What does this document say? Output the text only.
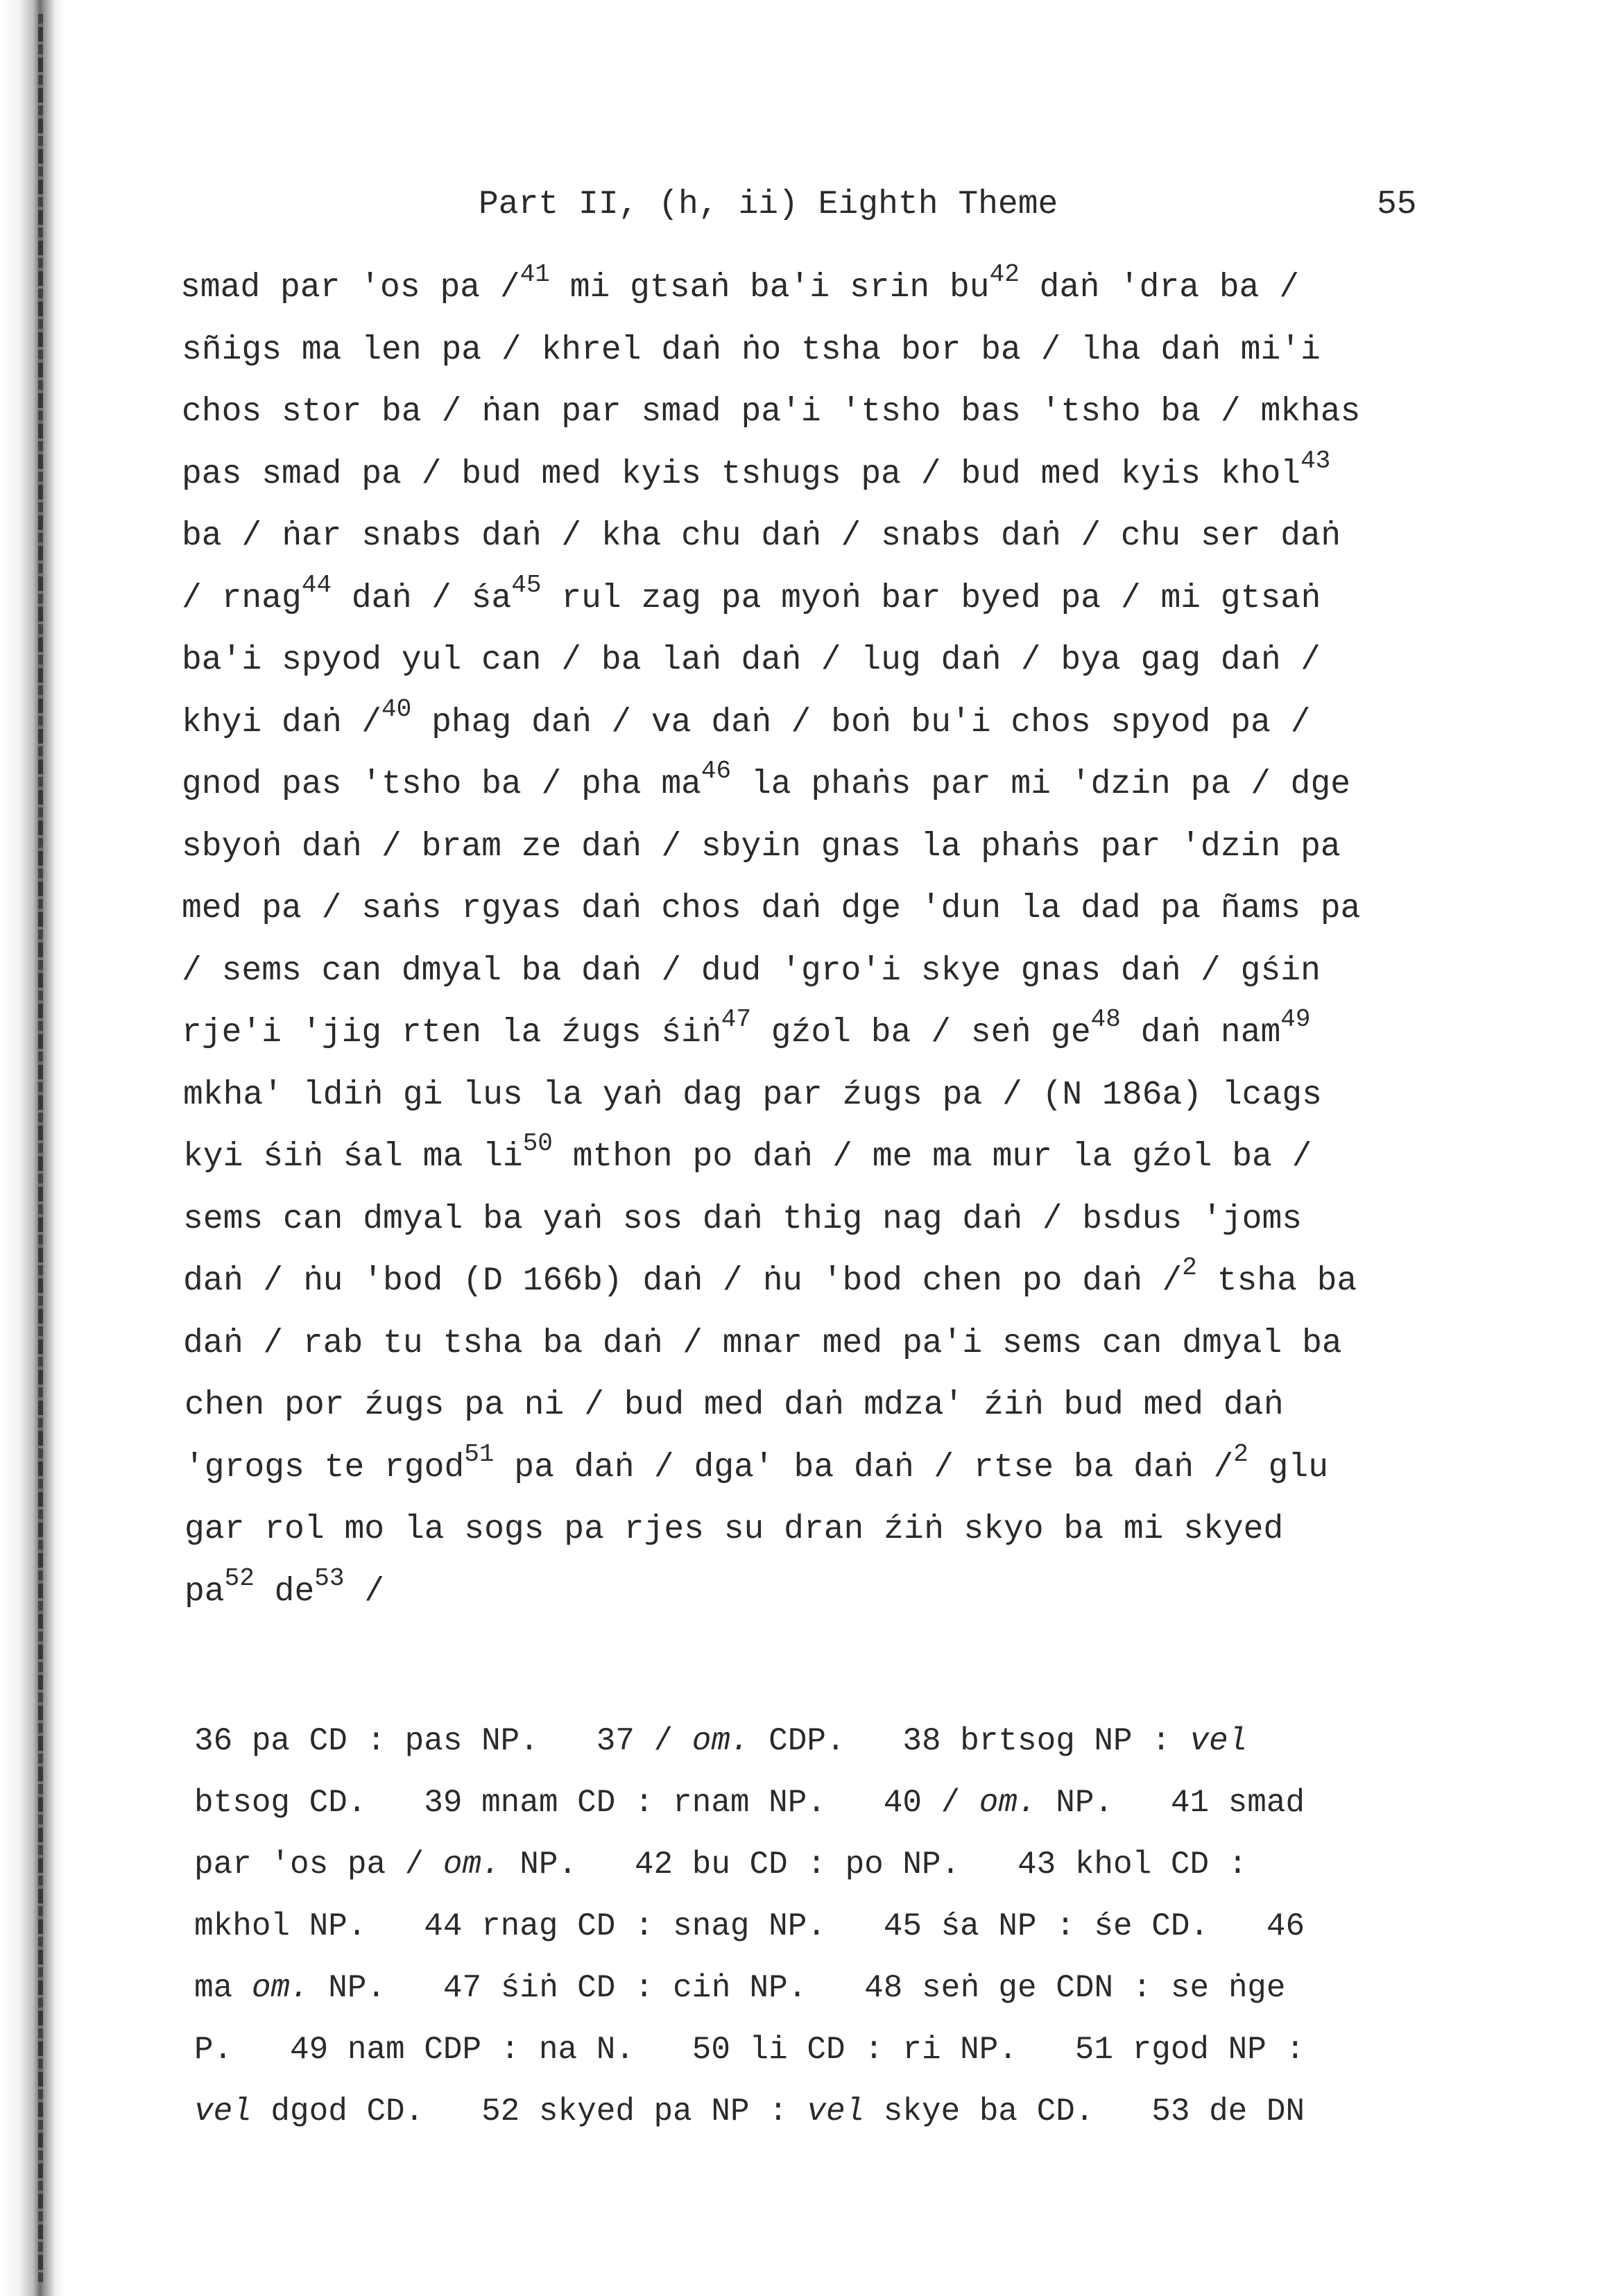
Part II, (h, ii) Eighth Theme	55
smad par 'os pa /$^{41}$ mi gtsaṅ ba'i srin $bu^{42}$ daṅ 'dra ba /
sñigs ma len pa / khrel daṅ ṅo tsha bor ba / lha daṅ mi'i
chos stor ba / ṅan par smad pa'i 'tsho bas 'tsho ba / mkhas
pas smad pa / bud med kyis tshugs pa / bud med kyis khol$^{43}$
ba / ṅar snabs daṅ / kha chu daṅ / snabs daṅ / chu ser daṅ
/ rnag$^{44}$ daṅ / $śa^{45}$ rul zag pa myoṅ bar byed pa / mi gtsaṅ
ba'i spyod yul can / ba laṅ daṅ / lug daṅ / bya gag daṅ /
khyi daṅ /$^{40}$ phag daṅ / va daṅ / boṅ bu'i chos spyod pa /
gnod pas 'tsho ba / pha $ma^{46}$ la phaṅs par mi 'dzin pa / dge
sbyoṅ daṅ / bram ze daṅ / sbyin gnas la phaṅs par 'dzin pa
med pa / saṅs rgyas daṅ chos daṅ dge 'dun la dad pa ñams pa
/ sems can dmyal ba daṅ / dud 'gro'i skye gnas daṅ / gśin
rje'i 'jig rten la źugs śiṅ$^{47}$ gźol ba / seṅ $ge^{48}$ daṅ nam$^{49}$
mkha' ldiṅ gi lus la yaṅ dag par źugs pa / (N 186a) lcags
kyi śiṅ śal ma $li^{50}$ mthon po daṅ / me ma mur la gźol ba /
sems can dmyal ba yaṅ sos daṅ thig nag daṅ / bsdus 'joms
daṅ / ṅu 'bod (D 166b) daṅ / ṅu 'bod chen po daṅ /$^2$ tsha ba
daṅ / rab tu tsha ba daṅ / mnar med pa'i sems can dmyal ba
chen por źugs pa ni / bud med daṅ mdza' źiṅ bud med daṅ
'grogs te rgod$^{51}$ pa daṅ / dga' ba daṅ / rtse ba daṅ /$^2$ glu
gar rol mo la sogs pa rjes su dran źiṅ skyo ba mi skyed
$pa^{52}$ $de^{53}$ /
36 pa CD : pas NP.   37 / om. CDP.   38 brtsog NP : vel
btsog CD.   39 mnam CD : rnam NP.   40 / om. NP.   41 smad
par 'os pa / om. NP.   42 bu CD : po NP.   43 khol CD :
mkhol NP.   44 rnag CD : snag NP.   45 śa NP : śe CD.   46
ma om. NP.   47 śiṅ CD : ciṅ NP.   48 seṅ ge CDN : se ṅge
P.   49 nam CDP : na N.   50 li CD : ri NP.   51 rgod NP :
vel dgod CD.   52 skyed pa NP : vel skye ba CD.   53 de DN
